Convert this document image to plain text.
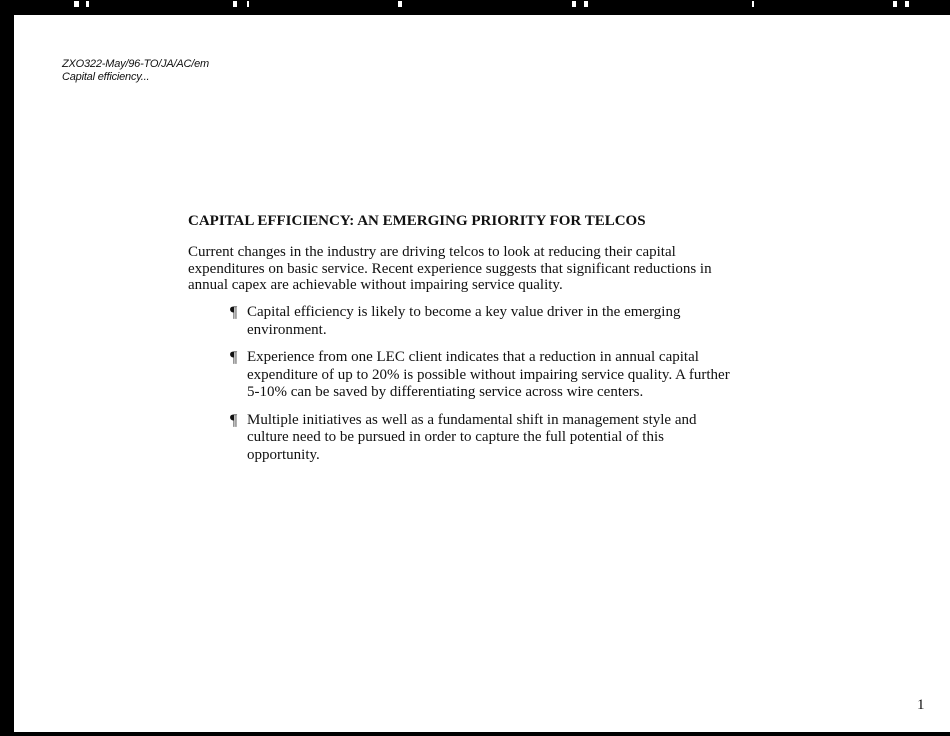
ZXO322-May/96-TO/JA/AC/em
Capital efficiency...
CAPITAL EFFICIENCY: AN EMERGING PRIORITY FOR TELCOS

Current changes in the industry are driving telcos to look at reducing their capital expenditures on basic service. Recent experience suggests that significant reductions in annual capex are achievable without impairing service quality.

¶ Capital efficiency is likely to become a key value driver in the emerging environment.
¶ Experience from one LEC client indicates that a reduction in annual capital expenditure of up to 20% is possible without impairing service quality. A further 5-10% can be saved by differentiating service across wire centers.
¶ Multiple initiatives as well as a fundamental shift in management style and culture need to be pursued in order to capture the full potential of this opportunity.
1
